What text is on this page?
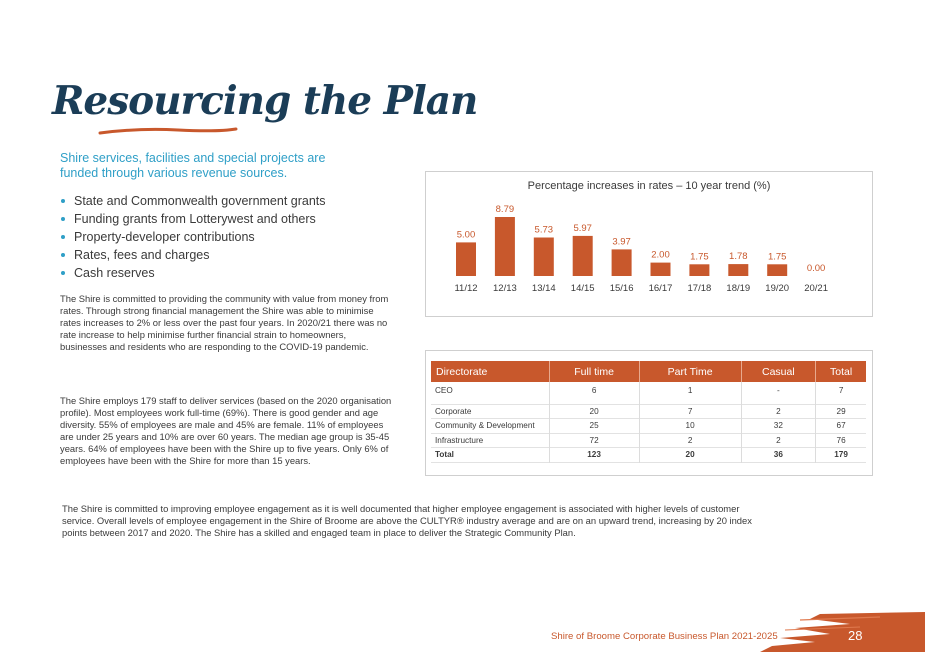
Resourcing the Plan
Shire services, facilities and special projects are funded through various revenue sources.
State and Commonwealth government grants
Funding grants from Lotterywest and others
Property-developer contributions
Rates, fees and charges
Cash reserves

The Shire is committed to providing the community with value from money from rates. Through strong financial management the Shire was able to minimise rates increases to 2% or less over the past four years. In 2020/21 there was no rate increase to help minimise further financial strain to homeowners, businesses and residents who are responding to the COVID-19 pandemic.

The Shire employs 179 staff to deliver services (based on the 2020 organisation profile). Most employees work full-time (69%). There is good gender and age diversity. 55% of employees are male and 45% are female. 11% of employees are under 25 years and 10% are over 60 years. The median age group is 35-45 years. 64% of employees have been with the Shire up to five years. Only 6% of employees have been with the Shire for more than 15 years.

The Shire is committed to improving employee engagement as it is well documented that higher employee engagement is associated with higher levels of customer service. Overall levels of employee engagement in the Shire of Broome are above the CULTYR® industry average and are on an upward trend, increasing by 20 index points between 2017 and 2020. The Shire has a skilled and engaged team in place to deliver the Strategic Community Plan.

Percentage increases in rates – 10 year trend (%)
5.00
11/12
8.79
12/13
5.73
13/14
5.97
14/15
3.97
15/16
2.00
16/17
1.75
17/18
1.78
18/19
1.75
19/20
0.00
20/21
Directorate	Full time	Part Time	Casual	Total
CEO	6	1	-	7
Corporate	20	7	2	29
Community & Development	25	10	32	67
Infrastructure	72	2	2	76
Total	123	20	36	179
Shire of Broome Corporate Business Plan 2021-2025	28
